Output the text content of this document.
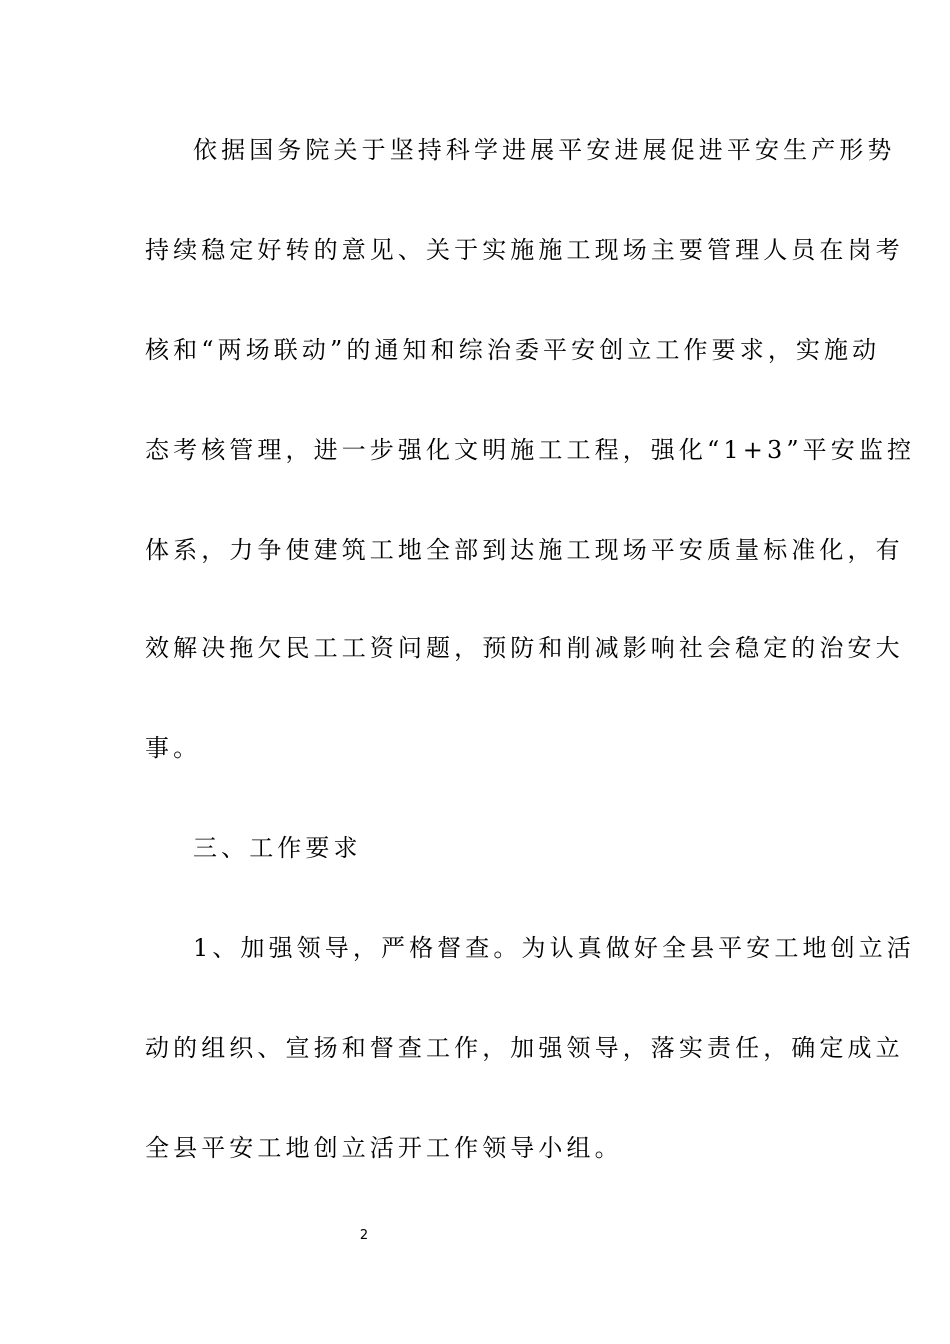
依据国务院关于坚持科学进展平安进展促进平安生产形势
持续稳定好转的意见、关于实施施工现场主要管理人员在岗考
核和“两场联动”的通知和综治委平安创立工作要求，实施动
态考核管理，进一步强化文明施工工程，强化“1+3”平安监控
体系，力争使建筑工地全部到达施工现场平安质量标准化，有
效解决拖欠民工工资问题，预防和削减影响社会稳定的治安大
事。
三、工作要求
1、加强领导，严格督查。为认真做好全县平安工地创立活
动的组织、宣扬和督查工作，加强领导，落实责任，确定成立
全县平安工地创立活开工作领导小组。
2
